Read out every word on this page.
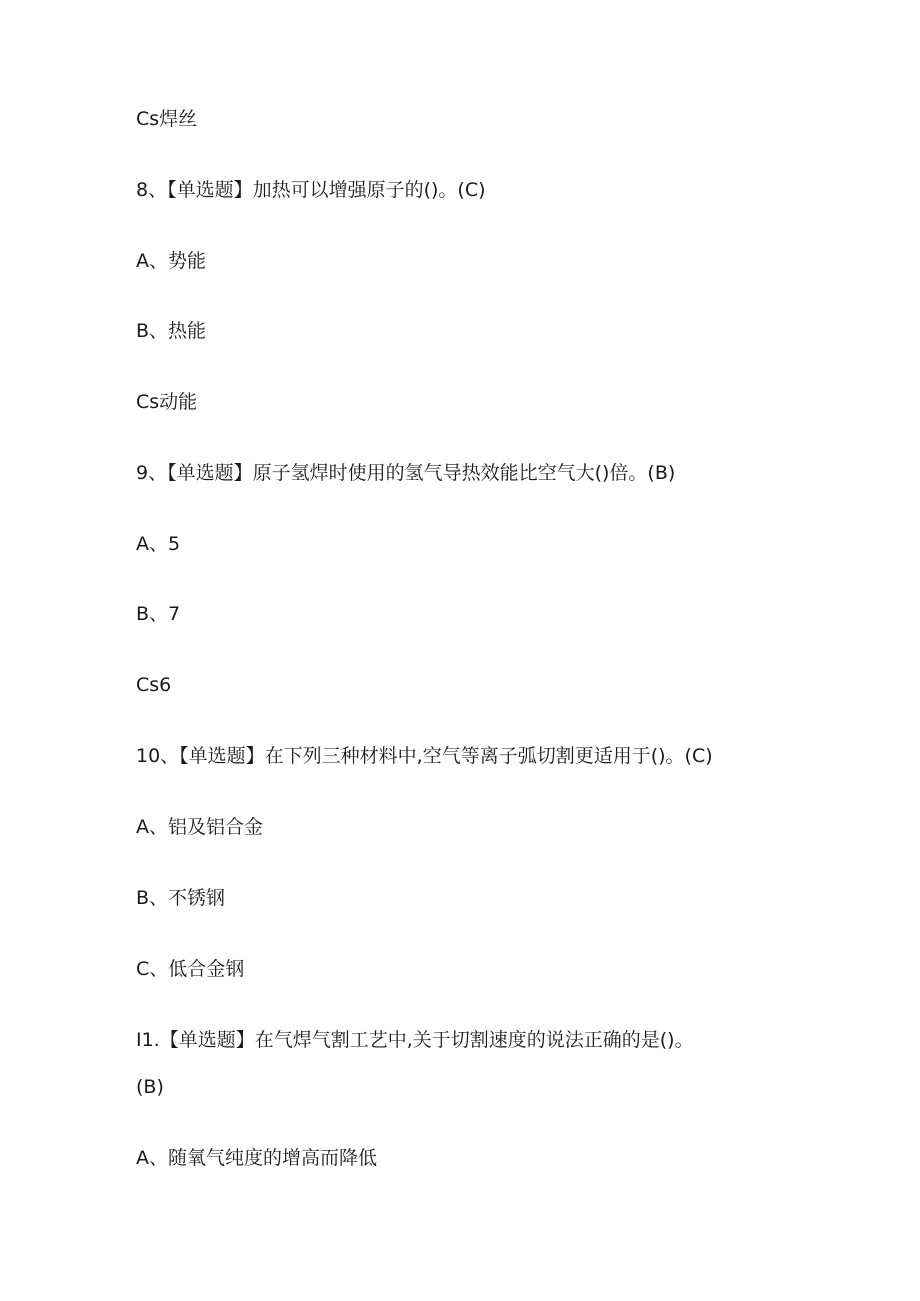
Cs焊丝
8、【单选题】加热可以增强原子的()。(C)
A、势能
B、热能
Cs动能
9、【单选题】原子氢焊时使用的氢气导热效能比空气大()倍。(B)
A、5
B、7
Cs6
10、【单选题】在下列三种材料中,空气等离子弧切割更适用于()。(C)
A、铝及铝合金
B、不锈钢
C、低合金钢
I1.【单选题】在气焊气割工艺中,关于切割速度的说法正确的是()。
(B)
A、随氧气纯度的增高而降低
